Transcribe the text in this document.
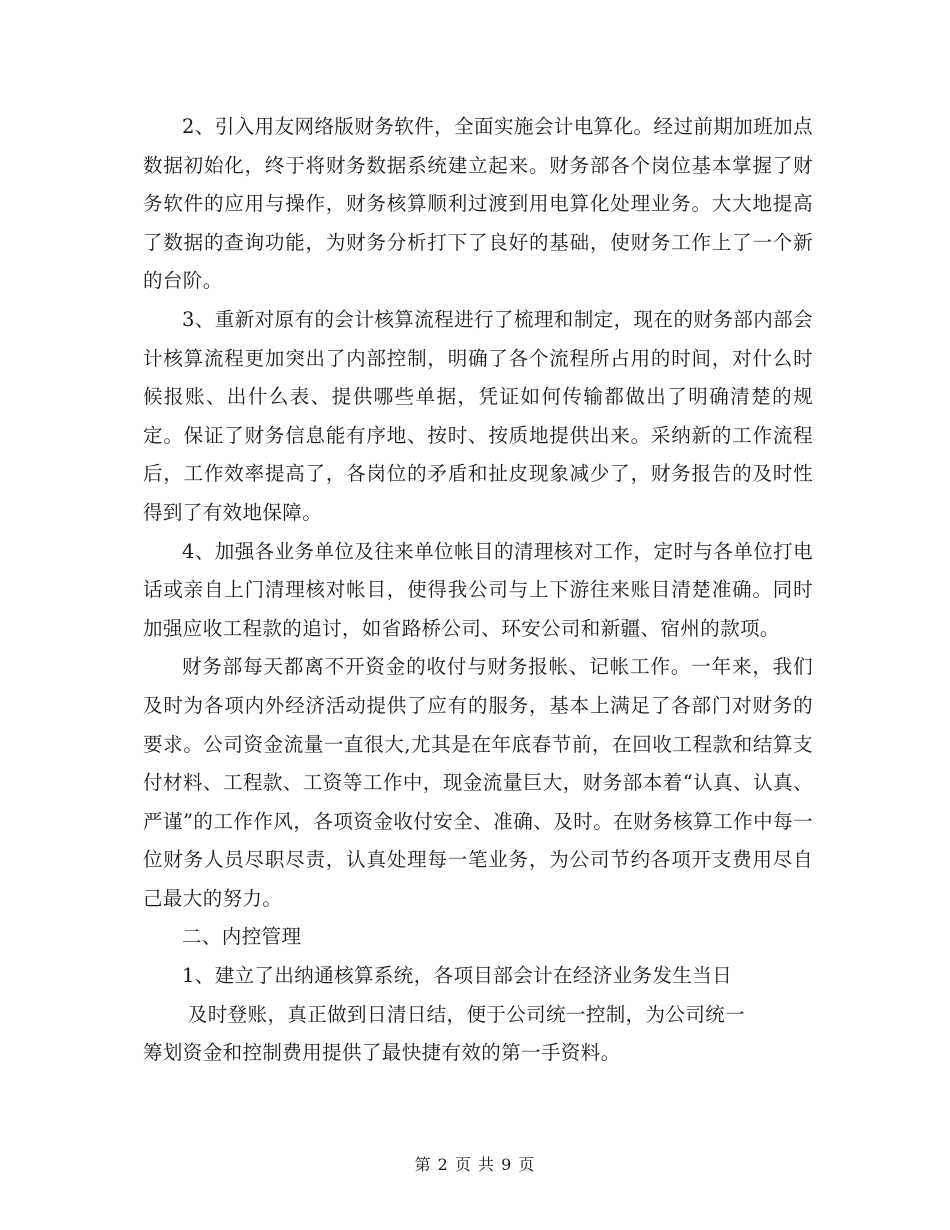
2、引入用友网络版财务软件，全面实施会计电算化。经过前期加班加点数据初始化，终于将财务数据系统建立起来。财务部各个岗位基本掌握了财务软件的应用与操作，财务核算顺利过渡到用电算化处理业务。大大地提高了数据的查询功能，为财务分析打下了良好的基础，使财务工作上了一个新的台阶。

3、重新对原有的会计核算流程进行了梳理和制定，现在的财务部内部会计核算流程更加突出了内部控制，明确了各个流程所占用的时间，对什么时候报账、出什么表、提供哪些单据，凭证如何传输都做出了明确清楚的规定。保证了财务信息能有序地、按时、按质地提供出来。采纳新的工作流程后，工作效率提高了，各岗位的矛盾和扯皮现象减少了，财务报告的及时性得到了有效地保障。

4、加强各业务单位及往来单位帐目的清理核对工作，定时与各单位打电话或亲自上门清理核对帐目，使得我公司与上下游往来账目清楚准确。同时加强应收工程款的追讨，如省路桥公司、环安公司和新疆、宿州的款项。

财务部每天都离不开资金的收付与财务报帐、记帐工作。一年来，我们及时为各项内外经济活动提供了应有的服务，基本上满足了各部门对财务的要求。公司资金流量一直很大,尤其是在年底春节前，在回收工程款和结算支付材料、工程款、工资等工作中，现金流量巨大，财务部本着“认真、认真、严谨”的工作作风，各项资金收付安全、准确、及时。在财务核算工作中每一位财务人员尽职尽责，认真处理每一笔业务，为公司节约各项开支费用尽自己最大的努力。

二、内控管理

1、建立了出纳通核算系统，各项目部会计在经济业务发生当日
及时登账，真正做到日清日结，便于公司统一控制，为公司统一
筹划资金和控制费用提供了最快捷有效的第一手资料。

第 2 页 共 9 页
